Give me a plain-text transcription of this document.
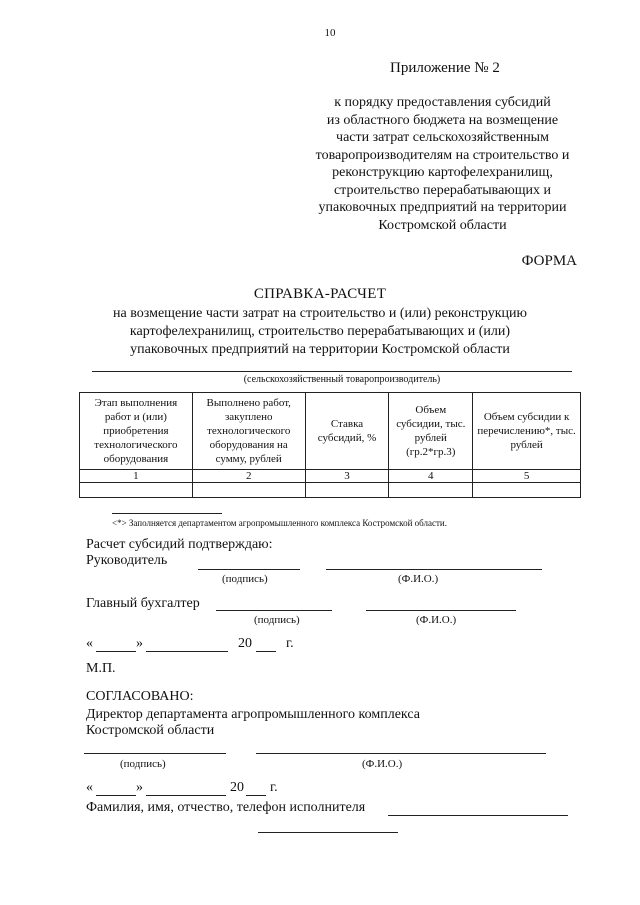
10
Приложение № 2
к порядку предоставления субсидий
из областного бюджета на возмещение
части затрат сельскохозяйственным
товаропроизводителям на строительство и
реконструкцию картофелехранилищ,
строительство перерабатывающих и
упаковочных предприятий на территории
Костромской области
ФОРМА
СПРАВКА-РАСЧЕТ
на возмещение части затрат на строительство и (или) реконструкцию
картофелехранилищ, строительство перерабатывающих и (или)
упаковочных предприятий на территории Костромской области
(сельскохозяйственный товаропроизводитель)
Этап выполнения работ и (или) приобретения технологического оборудования	Выполнено работ, закуплено технологического оборудования на сумму, рублей	Ставка субсидий, %	Объем субсидии, тыс. рублей (гр.2*гр.3)	Объем субсидии к перечислению*, тыс. рублей
1	2	3	4	5

<*> Заполняется департаментом агропромышленного комплекса Костромской области.
Расчет субсидий подтверждаю:
Руководитель
(подпись)	(Ф.И.О.)
Главный бухгалтер
(подпись)	(Ф.И.О.)
«	»	20 г.
М.П.
СОГЛАСОВАНО:
Директор департамента агропромышленного комплекса
Костромской области
(подпись)	(Ф.И.О.)
«	»	20 г.
Фамилия, имя, отчество, телефон исполнителя
